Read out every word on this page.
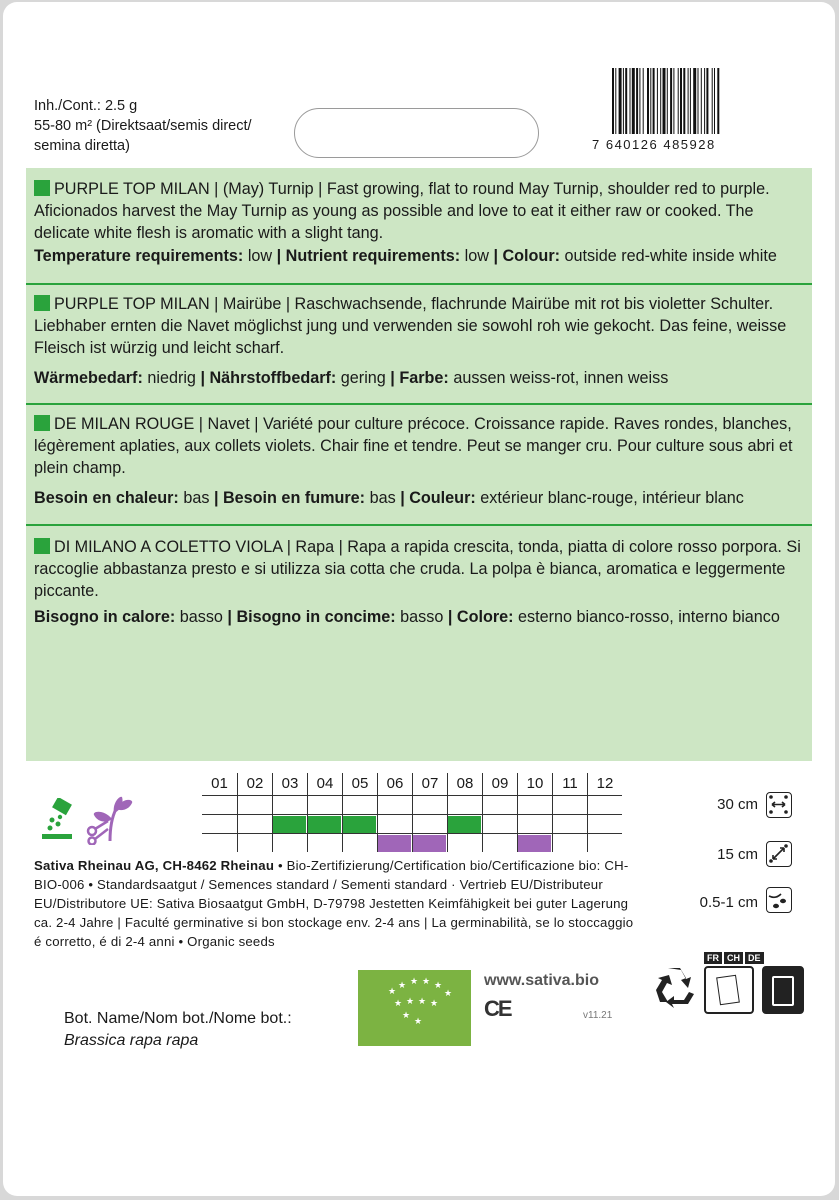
Inh./Cont.: 2.5 g
55-80 m² (Direktsaat/semis direct/
semina diretta)	7 640126 485928
PURPLE TOP MILAN | (May) Turnip | Fast growing, flat to round May Turnip, shoulder red to purple. Aficionados harvest the May Turnip as young as possible and love to eat it either raw or cooked. The delicate white flesh is aromatic with a slight tang.
Temperature requirements: low | Nutrient requirements: low | Colour: outside red-white inside white
PURPLE TOP MILAN | Mairübe | Raschwachsende, flachrunde Mairübe mit rot bis violetter Schulter. Liebhaber ernten die Navet möglichst jung und verwenden sie sowohl roh wie gekocht. Das feine, weisse Fleisch ist würzig und leicht scharf.
Wärmebedarf: niedrig | Nährstoffbedarf: gering | Farbe: aussen weiss-rot, innen weiss
DE MILAN ROUGE | Navet | Variété pour culture précoce. Croissance rapide. Raves rondes, blanches, légèrement aplaties, aux collets violets. Chair fine et tendre. Peut se manger cru. Pour culture sous abri et plein champ.
Besoin en chaleur: bas | Besoin en fumure: bas | Couleur: extérieur blanc-rouge, intérieur blanc
DI MILANO A COLETTO VIOLA | Rapa | Rapa a rapida crescita, tonda, piatta di colore rosso porpora. Si raccoglie abbastanza presto e si utilizza sia cotta che cruda. La polpa è bianca, aromatica e leggermente piccante.
Bisogno in calore: basso | Bisogno in concime: basso | Colore: esterno bianco-rosso, interno bianco
01	02	03	04	05	06	07	08	09	10	11	12
30 cm
15 cm
0.5-1 cm
Sativa Rheinau AG, CH-8462 Rheinau • Bio-Zertifizierung/Certification bio/Certificazione bio: CH-BIO-006 • Standardsaatgut / Semences standard / Sementi standard · Vertrieb EU/Distributeur EU/Distributore UE: Sativa Biosaatgut GmbH, D-79798 Jestetten Keimfähigkeit bei guter Lagerung ca. 2-4 Jahre | Faculté germinative si bon stockage env. 2-4 ans | La germinabilità, se lo stoccaggio é corretto, é di 2-4 anni • Organic seeds
Bot. Name/Nom bot./Nome bot.:
Brassica rapa rapa
★
★ ★ ★ ★
★
★ ★ ★ ★
★
★
www.sativa.bio
CE	v11.21
FR CH DE
